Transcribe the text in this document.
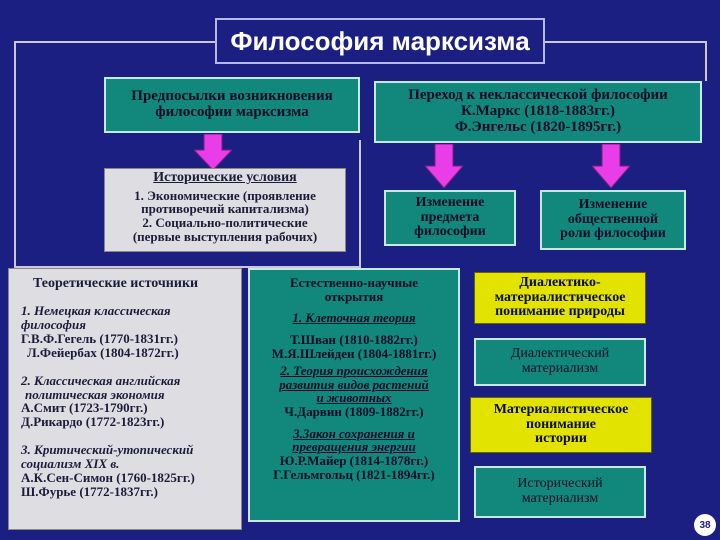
Философия марксизма
Предпосылки возникновения
философии марксизма
Переход к неклассической философии
К.Маркс (1818-1883гг.)
Ф.Энгельс (1820-1895гг.)
Исторические условия
1. Экономические (проявление
противоречий капитализма)
2. Социально-политические
(первые выступления рабочих)
Изменение
предмета
философии
Изменение
общественной
роли философии
Теоретические источники
1. Немецкая классическая
философия
Г.В.Ф.Гегель (1770-1831гг.)
Л.Фейербах (1804-1872гг.)
2. Классическая английская
политическая экономия
А.Смит (1723-1790гг.)
Д.Рикардо (1772-1823гг.)
3. Критический-утопический
социализм XIX в.
А.К.Сен-Симон (1760-1825гг.)
Ш.Фурье (1772-1837гг.)
Естественно-научные
открытия
1. Клеточная теория
Т.Шван (1810-1882гг.)
М.Я.Шлейден (1804-1881гг.)
2. Теория происхождения
развития видов растений
и животных
Ч.Дарвин (1809-1882гг.)
3.Закон сохранения и
превращения энергии
Ю.Р.Майер (1814-1878гг.)
Г.Гельмгольц (1821-1894гг.)
Диалектико-
материалистическое
понимание природы
Диалектический
материализм
Материалистическое
понимание
истории
Исторический
материализм
38
